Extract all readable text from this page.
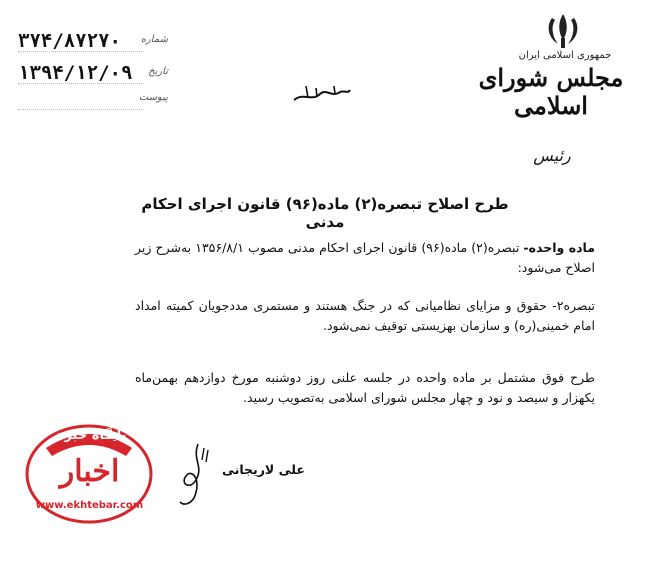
۳۷۴/۸۷۲۷۰ شماره
۱۳۹۴/۱۲/۰۹ تاریخ
پیوست
جمهوری اسلامی ایران
مجلس شورای اسلامی
رئیس
طرح اصلاح تبصره(۲) ماده(۹۶) قانون اجرای احکام مدنی
ماده واحده- تبصره(۲) ماده(۹۶) قانون اجرای احکام مدنی مصوب ۱۳۵۶/۸/۱ به‌شرح زیر اصلاح می‌شود:
تبصره۲- حقوق و مزایای نظامیانی که در جنگ هستند و مستمری مددجویان کمیته امداد امام خمینی(ره) و سازمان بهزیستی توقیف نمی‌شود.
طرح فوق مشتمل بر ماده واحده در جلسه علنی روز دوشنبه مورخ دوازدهم بهمن‌ماه یکهزار و سیصد و نود و چهار مجلس شورای اسلامی به‌تصویب رسید.
علی لاریجانی
پایگاه خبری
اخبار
www.ekhtebar.com
